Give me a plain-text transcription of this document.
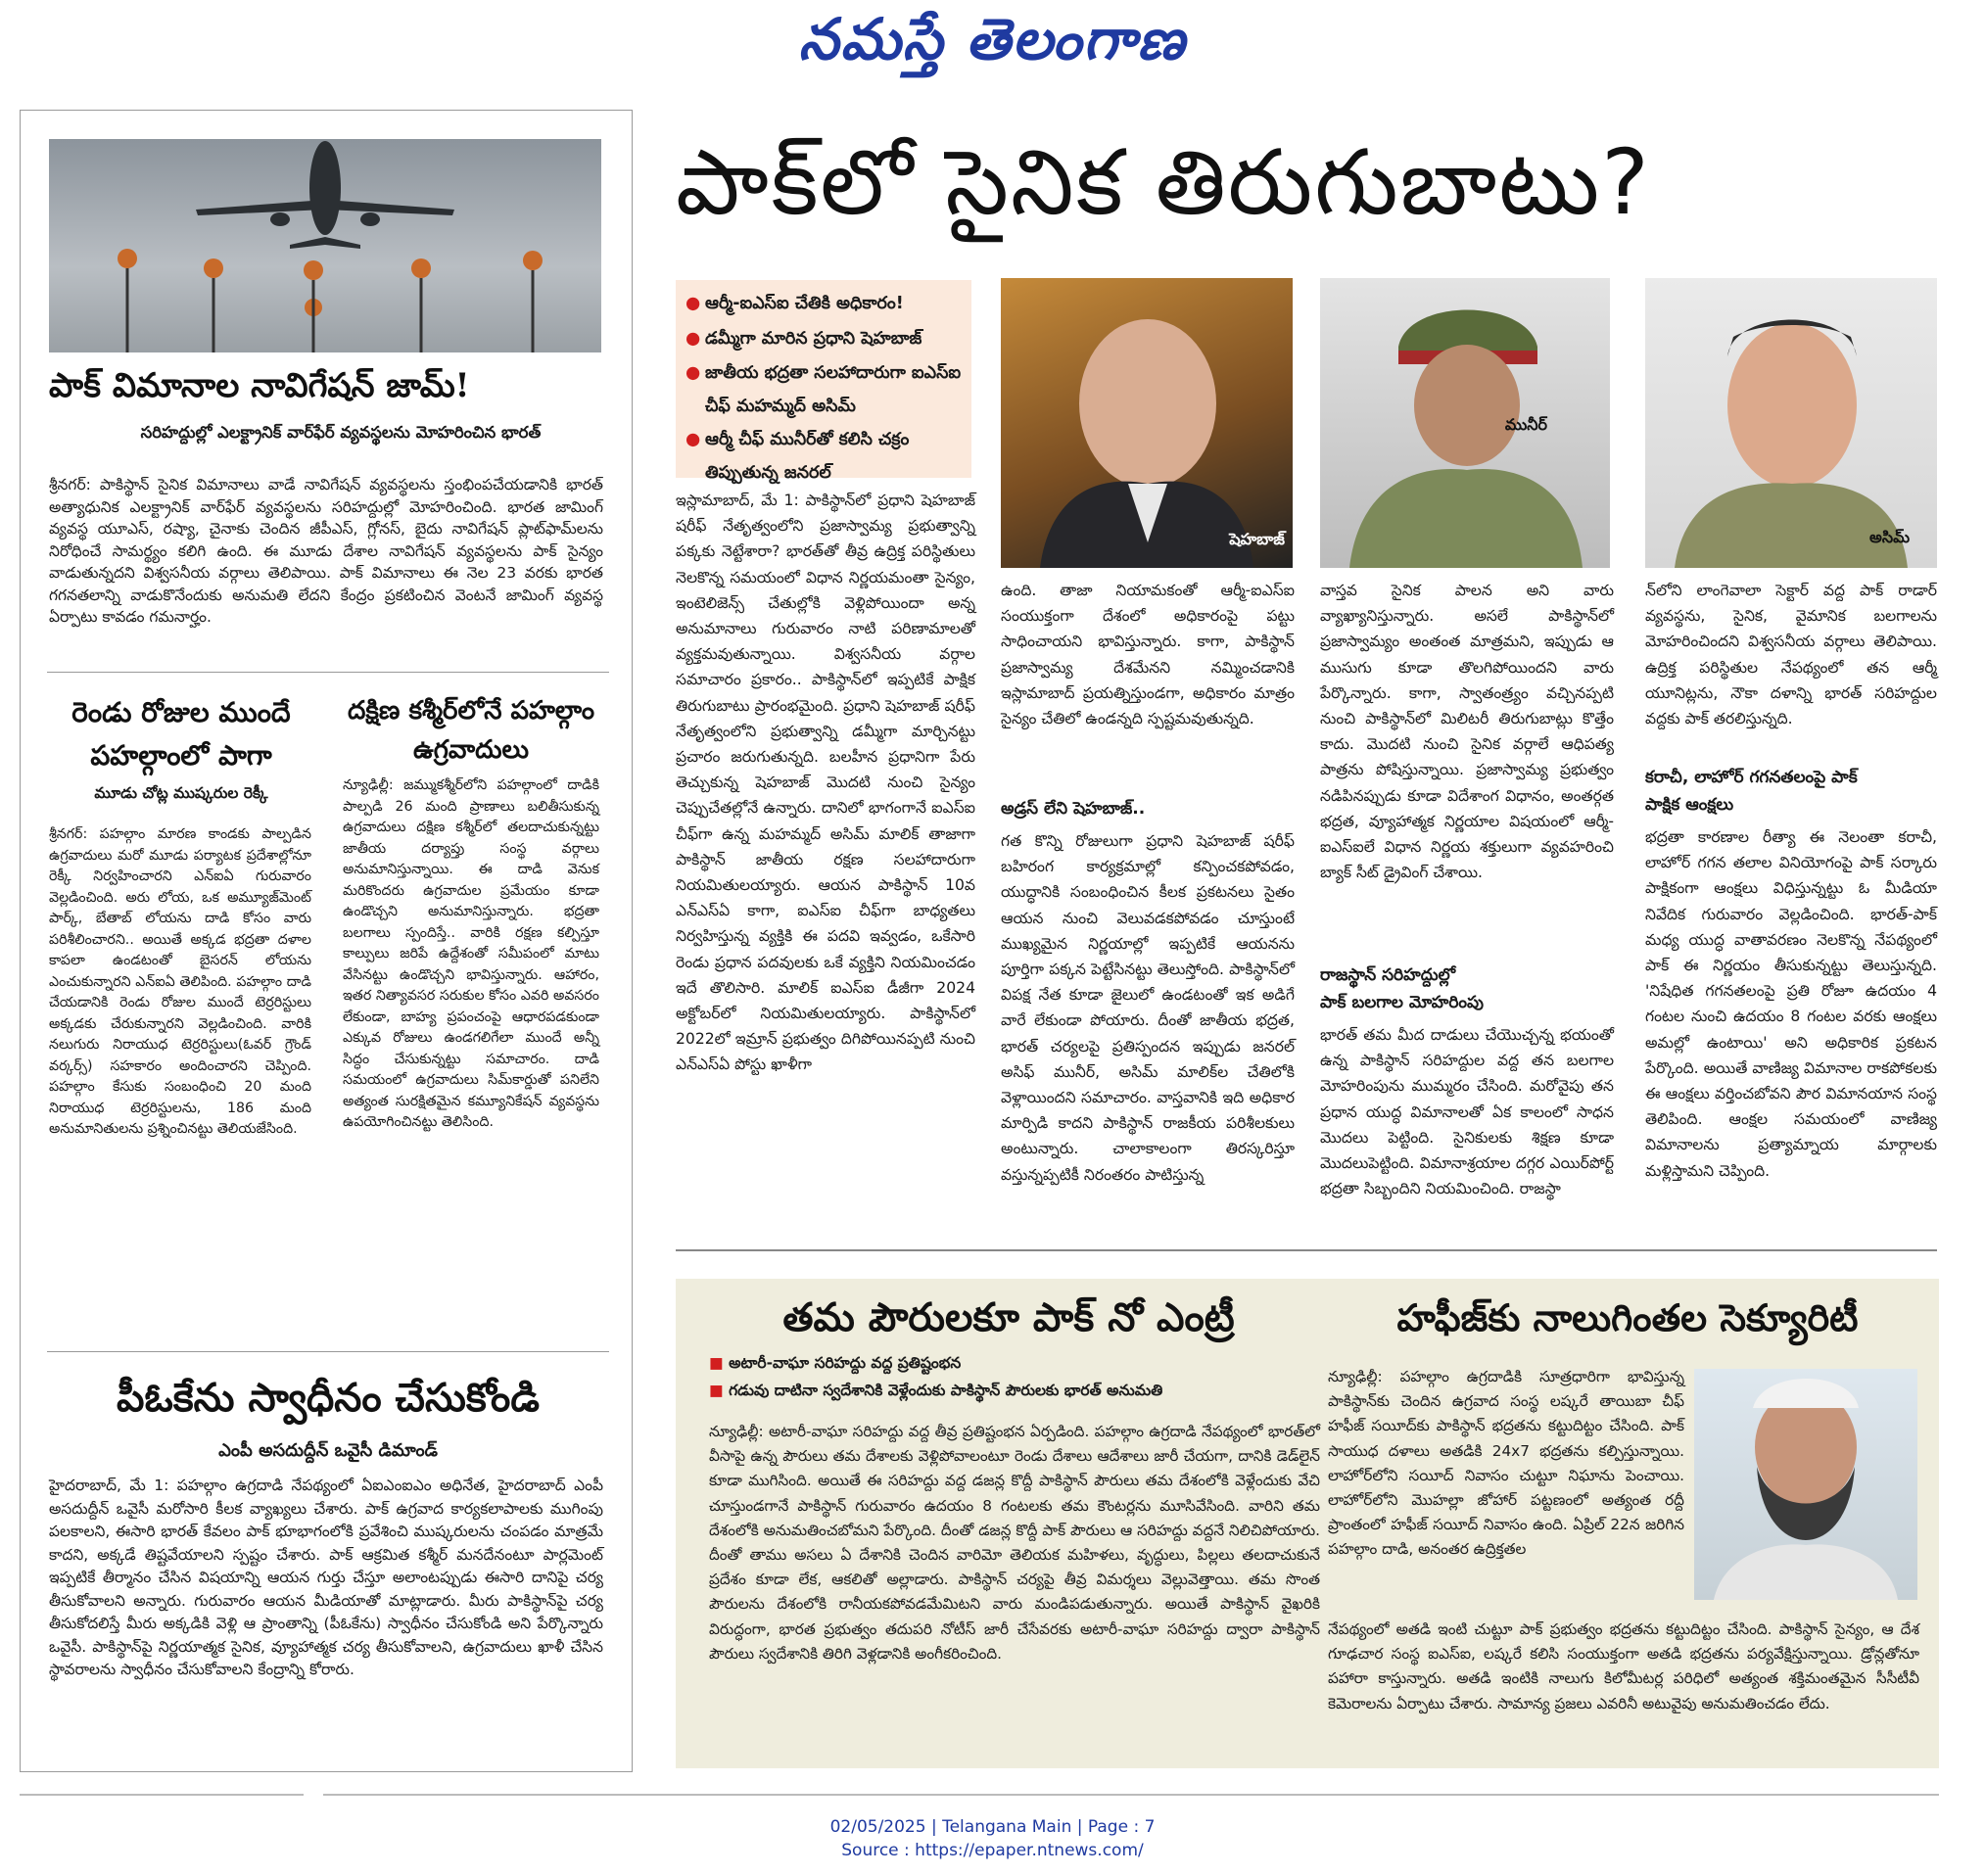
నమస్తే తెలంగాణ
పాక్ విమానాల నావిగేషన్ జామ్!
సరిహద్దుల్లో ఎలక్ట్రానిక్ వార్‌ఫేర్ వ్యవస్థలను మోహరించిన భారత్
శ్రీనగర్: పాకిస్థాన్ సైనిక విమానాలు వాడే నావిగేషన్ వ్యవస్థలను స్తంభింపచేయడానికి భారత్ అత్యాధునిక ఎలక్ట్రానిక్ వార్‌ఫేర్ వ్యవస్థలను సరిహద్దుల్లో మోహరించింది. భారత జామింగ్ వ్యవస్థ యూఎస్, రష్యా, చైనాకు చెందిన జీపీఎస్, గ్లోనస్, బైదు నావిగేషన్ ప్లాట్‌ఫామ్‌లను నిరోధించే సామర్థ్యం కలిగి ఉంది. ఈ మూడు దేశాల నావిగేషన్ వ్యవస్థలను పాక్ సైన్యం వాడుతున్నదని విశ్వసనీయ వర్గాలు తెలిపాయి. పాక్ విమానాలు ఈ నెల 23 వరకు భారత గగనతలాన్ని వాడుకొనేందుకు అనుమతి లేదని కేంద్రం ప్రకటించిన వెంటనే జామింగ్ వ్యవస్థ ఏర్పాటు కావడం గమనార్హం.
రెండు రోజుల ముందే పహల్గాంలో పాగా
మూడు చోట్ల ముష్కరుల రెక్కీ
శ్రీనగర్: పహల్గాం మారణ కాండకు పాల్పడిన ఉగ్రవాదులు మరో మూడు పర్యాటక ప్రదేశాల్లోనూ రెక్కీ నిర్వహించారని ఎన్ఐఏ గురువారం వెల్లడించింది. అరు లోయ, ఒక అమ్యూజ్‌మెంట్ పార్క్, బేతాబ్ లోయను దాడి కోసం వారు పరిశీలించారని.. అయితే అక్కడ భద్రతా దళాల కాపలా ఉండటంతో బైసరన్ లోయను ఎంచుకున్నారని ఎన్ఐఏ తెలిపింది. పహల్గాం దాడి చేయడానికి రెండు రోజుల ముందే టెర్రరిస్టులు అక్కడకు చేరుకున్నారని వెల్లడించింది. వారికి నలుగురు నిరాయుధ టెర్రరిస్టులు(ఓవర్ గ్రౌండ్ వర్కర్స్) సహకారం అందించారని చెప్పింది. పహల్గాం కేసుకు సంబంధించి 20 మంది నిరాయుధ టెర్రరిస్టులను, 186 మంది అనుమానితులను ప్రశ్నించినట్టు తెలియజేసింది.
దక్షిణ కశ్మీర్‌లోనే పహల్గాం ఉగ్రవాదులు
న్యూఢిల్లీ: జమ్ముకశ్మీర్‌లోని పహల్గాంలో దాడికి పాల్పడి 26 మంది ప్రాణాలు బలితీసుకున్న ఉగ్రవాదులు దక్షిణ కశ్మీర్‌లో తలదాచుకున్నట్టు జాతీయ దర్యాప్తు సంస్థ వర్గాలు అనుమానిస్తున్నాయి. ఈ దాడి వెనుక మరికొందరు ఉగ్రవాదుల ప్రమేయం కూడా ఉండొచ్చని అనుమానిస్తున్నారు. భద్రతా బలగాలు స్పందిస్తే.. వారికి రక్షణ కల్పిస్తూ కాల్పులు జరిపే ఉద్దేశంతో సమీపంలో మాటు వేసినట్టు ఉండొచ్చని భావిస్తున్నారు. ఆహారం, ఇతర నిత్యావసర సరుకుల కోసం ఎవరి అవసరం లేకుండా, బాహ్య ప్రపంచంపై ఆధారపడకుండా ఎక్కువ రోజులు ఉండగలిగేలా ముందే అన్నీ సిద్ధం చేసుకున్నట్టు సమాచారం. దాడి సమయంలో ఉగ్రవాదులు సిమ్‌కార్డుతో పనిలేని అత్యంత సురక్షితమైన కమ్యూనికేషన్ వ్యవస్థను ఉపయోగించినట్టు తెలిసింది.
పీఓకేను స్వాధీనం చేసుకోండి
ఎంపీ అసదుద్దీన్ ఒవైసీ డిమాండ్
హైదరాబాద్, మే 1: పహల్గాం ఉగ్రదాడి నేపథ్యంలో ఏఐఎంఐఎం అధినేత, హైదరాబాద్ ఎంపీ అసదుద్దీన్ ఒవైసీ మరోసారి కీలక వ్యాఖ్యలు చేశారు. పాక్ ఉగ్రవాద కార్యకలాపాలకు ముగింపు పలకాలని, ఈసారి భారత్ కేవలం పాక్ భూభాగంలోకి ప్రవేశించి ముష్కరులను చంపడం మాత్రమే కాదని, అక్కడే తిష్టవేయాలని స్పష్టం చేశారు. పాక్ ఆక్రమిత కశ్మీర్ మనదేనంటూ పార్లమెంట్ ఇప్పటికే తీర్మానం చేసిన విషయాన్ని ఆయన గుర్తు చేస్తూ అలాంటప్పుడు ఈసారి దానిపై చర్య తీసుకోవాలని అన్నారు. గురువారం ఆయన మీడియాతో మాట్లాడారు. మీరు పాకిస్థాన్‌పై చర్య తీసుకోదలిస్తే మీరు అక్కడికి వెళ్లి ఆ ప్రాంతాన్ని (పీఓకేను) స్వాధీనం చేసుకోండి అని పేర్కొన్నారు ఒవైసీ. పాకిస్థాన్‌పై నిర్ణయాత్మక సైనిక, వ్యూహాత్మక చర్య తీసుకోవాలని, ఉగ్రవాదులు ఖాళీ చేసిన స్థావరాలను స్వాధీనం చేసుకోవాలని కేంద్రాన్ని కోరారు.
పాక్‌లో సైనిక తిరుగుబాటు?
● ఆర్మీ-ఐఎస్‌ఐ చేతికి అధికారం!
● డమ్మీగా మారిన ప్రధాని షెహబాజ్
● జాతీయ భద్రతా సలహాదారుగా ఐఎస్‌ఐ చీఫ్ మహమ్మద్ అసిమ్
● ఆర్మీ చీఫ్ మునీర్‌తో కలిసి చక్రం తిప్పుతున్న జనరల్
షెహబాజ్
మునీర్
అసిమ్
ఇస్లామాబాద్, మే 1: పాకిస్థాన్‌లో ప్రధాని షెహబాజ్ షరీఫ్ నేతృత్వంలోని ప్రజాస్వామ్య ప్రభుత్వాన్ని పక్కకు నెట్టేశారా? భారత్‌తో తీవ్ర ఉద్రిక్త పరిస్థితులు నెలకొన్న సమయంలో విధాన నిర్ణయమంతా సైన్యం, ఇంటెలిజెన్స్ చేతుల్లోకి వెళ్లిపోయిందా అన్న అనుమానాలు గురువారం నాటి పరిణామాలతో వ్యక్తమవుతున్నాయి. విశ్వసనీయ వర్గాల సమాచారం ప్రకారం.. పాకిస్థాన్‌లో ఇప్పటికే పాక్షిక తిరుగుబాటు ప్రారంభమైంది. ప్రధాని షెహబాజ్ షరీఫ్ నేతృత్వంలోని ప్రభుత్వాన్ని డమ్మీగా మార్చినట్టు ప్రచారం జరుగుతున్నది. బలహీన ప్రధానిగా పేరు తెచ్చుకున్న షెహబాజ్ మొదటి నుంచి సైన్యం చెప్పుచేతల్లోనే ఉన్నారు. దానిలో భాగంగానే ఐఎస్‌ఐ చీఫ్‌గా ఉన్న మహమ్మద్ అసిమ్ మాలిక్ తాజాగా పాకిస్థాన్ జాతీయ రక్షణ సలహాదారుగా నియమితులయ్యారు. ఆయన పాకిస్థాన్ 10వ ఎన్ఎస్ఏ కాగా, ఐఎస్ఐ చీఫ్‌గా బాధ్యతలు నిర్వహిస్తున్న వ్యక్తికి ఈ పదవి ఇవ్వడం, ఒకేసారి రెండు ప్రధాన పదవులకు ఒకే వ్యక్తిని నియమించడం ఇదే తొలిసారి. మాలిక్ ఐఎస్ఐ డీజీగా 2024 అక్టోబర్‌లో నియమితులయ్యారు. పాకిస్థాన్‌లో 2022లో ఇమ్రాన్ ప్రభుత్వం దిగిపోయినప్పటి నుంచి ఎన్ఎస్ఏ పోస్టు ఖాళీగా
ఉంది. తాజా నియామకంతో ఆర్మీ-ఐఎస్‌ఐ సంయుక్తంగా దేశంలో అధికారంపై పట్టు సాధించాయని భావిస్తున్నారు. కాగా, పాకిస్థాన్ ప్రజాస్వామ్య దేశమేనని నమ్మించడానికి ఇస్లామాబాద్ ప్రయత్నిస్తుండగా, అధికారం మాత్రం సైన్యం చేతిలో ఉండన్నది స్పష్టమవుతున్నది.
అడ్రస్ లేని షెహబాజ్..
గత కొన్ని రోజులుగా ప్రధాని షెహబాజ్ షరీఫ్ బహిరంగ కార్యక్రమాల్లో కన్పించకపోవడం, యుద్ధానికి సంబంధించిన కీలక ప్రకటనలు సైతం ఆయన నుంచి వెలువడకపోవడం చూస్తుంటే ముఖ్యమైన నిర్ణయాల్లో ఇప్పటికే ఆయనను పూర్తిగా పక్కన పెట్టేసినట్టు తెలుస్తోంది. పాకిస్థాన్‌లో విపక్ష నేత కూడా జైలులో ఉండటంతో ఇక అడిగే వారే లేకుండా పోయారు. దీంతో జాతీయ భద్రత, భారత్ చర్యలపై ప్రతిస్పందన ఇప్పుడు జనరల్ అసిఫ్ మునీర్, అసిమ్ మాలిక్‌ల చేతిలోకి వెళ్లాయిందని సమాచారం. వాస్తవానికి ఇది అధికార మార్పిడి కాదని పాకిస్థాన్ రాజకీయ పరిశీలకులు అంటున్నారు. చాలాకాలంగా తిరస్కరిస్తూ వస్తున్నప్పటికీ నిరంతరం పాటిస్తున్న
వాస్తవ సైనిక పాలన అని వారు వ్యాఖ్యానిస్తున్నారు. అసలే పాకిస్థాన్‌లో ప్రజాస్వామ్యం అంతంత మాత్రమని, ఇప్పుడు ఆ ముసుగు కూడా తొలగిపోయిందని వారు పేర్కొన్నారు. కాగా, స్వాతంత్ర్యం వచ్చినప్పటి నుంచి పాకిస్థాన్‌లో మిలిటరీ తిరుగుబాట్లు కొత్తేం కాదు. మొదటి నుంచి సైనిక వర్గాలే ఆధిపత్య పాత్రను పోషిస్తున్నాయి. ప్రజాస్వామ్య ప్రభుత్వం నడిపినప్పుడు కూడా విదేశాంగ విధానం, అంతర్గత భద్రత, వ్యూహాత్మక నిర్ణయాల విషయంలో ఆర్మీ-ఐఎస్ఐలే విధాన నిర్ణయ శక్తులుగా వ్యవహరించి బ్యాక్ సీట్ డ్రైవింగ్ చేశాయి.
రాజస్థాన్ సరిహద్దుల్లో పాక్ బలగాల మోహరింపు
భారత్ తమ మీద దాడులు చేయొచ్చన్న భయంతో ఉన్న పాకిస్థాన్ సరిహద్దుల వద్ద తన బలగాల మోహరింపును ముమ్మరం చేసింది. మరోవైపు తన ప్రధాన యుద్ధ విమానాలతో ఏక కాలంలో సాధన మొదలు పెట్టింది. సైనికులకు శిక్షణ కూడా మొదలుపెట్టింది. విమానాశ్రయాల దగ్గర ఎయిర్‌పోర్ట్ భద్రతా సిబ్బందిని నియమించింది. రాజస్థా
న్‌లోని లాంగెవాలా సెక్టార్ వద్ద పాక్ రాడార్ వ్యవస్థను, సైనిక, వైమానిక బలగాలను మోహరించిందని విశ్వసనీయ వర్గాలు తెలిపాయి. ఉద్రిక్త పరిస్థితుల నేపథ్యంలో తన ఆర్మీ యూనిట్లను, నౌకా దళాన్ని భారత్ సరిహద్దుల వద్దకు పాక్ తరలిస్తున్నది.
కరాచీ, లాహోర్ గగనతలంపై పాక్ పాక్షిక ఆంక్షలు
భద్రతా కారణాల రీత్యా ఈ నెలంతా కరాచీ, లాహోర్ గగన తలాల వినియోగంపై పాక్ సర్కారు పాక్షికంగా ఆంక్షలు విధిస్తున్నట్టు ఓ మీడియా నివేదిక గురువారం వెల్లడించింది. భారత్-పాక్ మధ్య యుద్ధ వాతావరణం నెలకొన్న నేపథ్యంలో పాక్ ఈ నిర్ణయం తీసుకున్నట్టు తెలుస్తున్నది. 'నిషేధిత గగనతలంపై ప్రతి రోజూ ఉదయం 4 గంటల నుంచి ఉదయం 8 గంటల వరకు ఆంక్షలు అమల్లో ఉంటాయి' అని అధికారిక ప్రకటన పేర్కొంది. అయితే వాణిజ్య విమానాల రాకపోకలకు ఈ ఆంక్షలు వర్తించబోవని పౌర విమానయాన సంస్థ తెలిపింది. ఆంక్షల సమయంలో వాణిజ్య విమానాలను ప్రత్యామ్నాయ మార్గాలకు మళ్లిస్తామని చెప్పింది.
తమ పౌరులకూ పాక్ నో ఎంట్రీ
■ అటారీ-వాఘా సరిహద్దు వద్ద ప్రతిష్టంభన
■ గడువు దాటినా స్వదేశానికి వెళ్లేందుకు పాకిస్థాన్ పౌరులకు భారత్ అనుమతి
న్యూఢిల్లీ: అటారీ-వాఘా సరిహద్దు వద్ద తీవ్ర ప్రతిష్టంభన ఏర్పడింది. పహల్గాం ఉగ్రదాడి నేపథ్యంలో భారత్‌లో వీసాపై ఉన్న పౌరులు తమ దేశాలకు వెళ్లిపోవాలంటూ రెండు దేశాలు ఆదేశాలు జారీ చేయగా, దానికి డెడ్‌లైన్ కూడా ముగిసింది. అయితే ఈ సరిహద్దు వద్ద డజన్ల కొద్దీ పాకిస్థాన్ పౌరులు తమ దేశంలోకి వెళ్లేందుకు వేచి చూస్తుండగానే పాకిస్థాన్ గురువారం ఉదయం 8 గంటలకు తమ కౌంటర్లను మూసివేసింది. వారిని తమ దేశంలోకి అనుమతించబోమని పేర్కొంది. దీంతో డజన్ల కొద్దీ పాక్ పౌరులు ఆ సరిహద్దు వద్దనే నిలిచిపోయారు. దీంతో తాము అసలు ఏ దేశానికి చెందిన వారిమో తెలియక మహిళలు, వృద్ధులు, పిల్లలు తలదాచుకునే ప్రదేశం కూడా లేక, ఆకలితో అల్లాడారు. పాకిస్థాన్ చర్యపై తీవ్ర విమర్శలు వెల్లువెత్తాయి. తమ సొంత పౌరులను దేశంలోకి రానీయకపోవడమేమిటని వారు మండిపడుతున్నారు. అయితే పాకిస్థాన్ వైఖరికి విరుద్ధంగా, భారత ప్రభుత్వం తదుపరి నోటీస్ జారీ చేసేవరకు అటారీ-వాఘా సరిహద్దు ద్వారా పాకిస్థాన్ పౌరులు స్వదేశానికి తిరిగి వెళ్లడానికి అంగీకరించింది.
హఫీజ్‌కు నాలుగింతల సెక్యూరిటీ
న్యూఢిల్లీ: పహల్గాం ఉగ్రదాడికి సూత్రధారిగా భావిస్తున్న పాకిస్థాన్‌కు చెందిన ఉగ్రవాద సంస్థ లష్కరే తాయిబా చీఫ్ హఫీజ్ సయీద్‌కు పాకిస్థాన్ భద్రతను కట్టుదిట్టం చేసింది. పాక్ సాయుధ దళాలు అతడికి 24x7 భద్రతను కల్పిస్తున్నాయి. లాహోర్‌లోని సయీద్ నివాసం చుట్టూ నిఘాను పెంచాయి. లాహోర్‌లోని మొహల్లా జోహార్ పట్టణంలో అత్యంత రద్దీ ప్రాంతంలో హఫీజ్ సయీద్ నివాసం ఉంది. ఏప్రిల్ 22న జరిగిన పహల్గాం దాడి, అనంతర ఉద్రిక్తతల
నేపథ్యంలో అతడి ఇంటి చుట్టూ పాక్ ప్రభుత్వం భద్రతను కట్టుదిట్టం చేసింది. పాకిస్థాన్ సైన్యం, ఆ దేశ గూఢచార సంస్థ ఐఎస్ఐ, లష్కరే కలిసి సంయుక్తంగా అతడి భద్రతను పర్యవేక్షిస్తున్నాయి. డ్రోన్లతోనూ పహారా కాస్తున్నారు. అతడి ఇంటికి నాలుగు కిలోమీటర్ల పరిధిలో అత్యంత శక్తిమంతమైన సీసీటీవీ కెమెరాలను ఏర్పాటు చేశారు. సామాన్య ప్రజలు ఎవరినీ అటువైపు అనుమతించడం లేదు.
02/05/2025 | Telangana Main | Page : 7
Source : https://epaper.ntnews.com/
